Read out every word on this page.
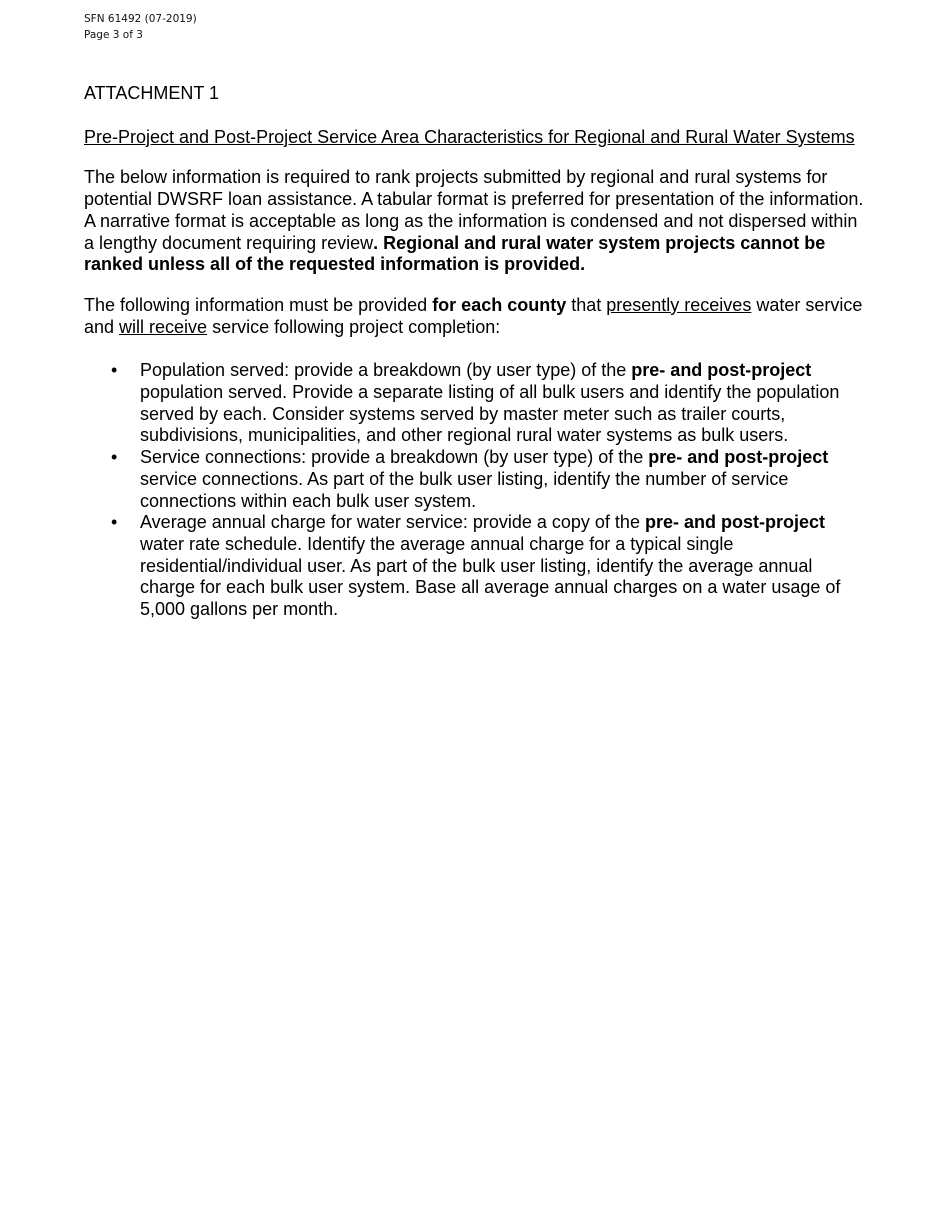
SFN 61492 (07-2019)
Page 3 of 3
ATTACHMENT 1
Pre-Project and Post-Project Service Area Characteristics for Regional and Rural Water Systems

The below information is required to rank projects submitted by regional and rural systems for potential DWSRF loan assistance. A tabular format is preferred for presentation of the information. A narrative format is acceptable as long as the information is condensed and not dispersed within a lengthy document requiring review. Regional and rural water system projects cannot be ranked unless all of the requested information is provided.

The following information must be provided for each county that presently receives water service and will receive service following project completion:

• Population served: provide a breakdown (by user type) of the pre- and post-project population served. Provide a separate listing of all bulk users and identify the population served by each. Consider systems served by master meter such as trailer courts, subdivisions, municipalities, and other regional rural water systems as bulk users.
• Service connections: provide a breakdown (by user type) of the pre- and post-project service connections. As part of the bulk user listing, identify the number of service connections within each bulk user system.
• Average annual charge for water service: provide a copy of the pre- and post-project water rate schedule. Identify the average annual charge for a typical single residential/individual user. As part of the bulk user listing, identify the average annual charge for each bulk user system. Base all average annual charges on a water usage of 5,000 gallons per month.
